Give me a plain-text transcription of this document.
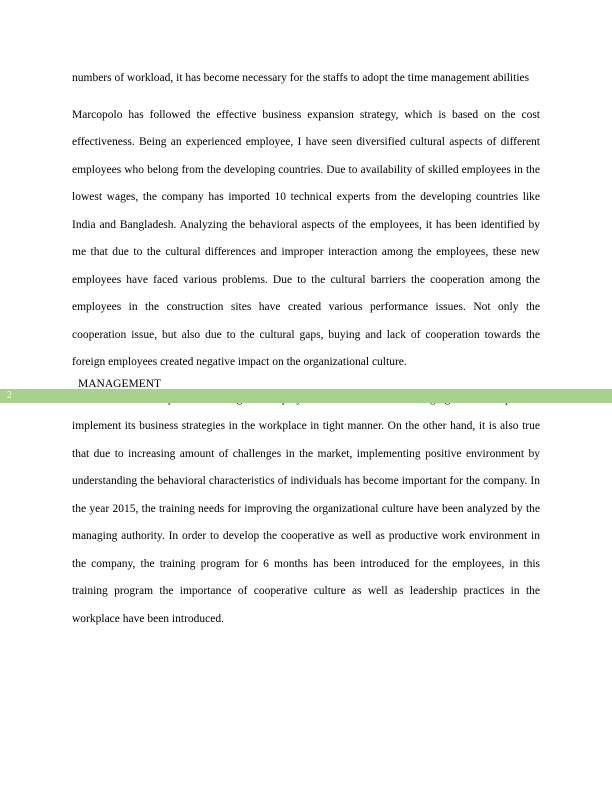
numbers of workload, it has become necessary for the staffs to adopt the time management abilities

Marcopolo has followed the effective business expansion strategy, which is based on the cost effectiveness. Being an experienced employee, I have seen diversified cultural aspects of different employees who belong from the developing countries. Due to availability of skilled employees in the lowest wages, the company has imported 10 technical experts from the developing countries like India and Bangladesh. Analyzing the behavioral aspects of the employees, it has been identified by me that due to the cultural differences and improper interaction among the employees, these new employees have faced various problems. Due to the cultural barriers the cooperation among the employees in the construction sites have created various performance issues. Not only the cooperation issue, but also due to the cultural gaps, buying and lack of cooperation towards the foreign employees created negative impact on the organizational culture.

implement its business strategies in the workplace in tight manner. On the other hand, it is also true that due to increasing amount of challenges in the market, implementing positive environment by understanding the behavioral characteristics of individuals has become important for the company. In the year 2015, the training needs for improving the organizational culture have been analyzed by the managing authority. In order to develop the cooperative as well as productive work environment in the company, the training program for 6 months has been introduced for the employees, in this training program the importance of cooperative culture as well as leadership practices in the workplace have been introduced.

2
MANAGEMENT
